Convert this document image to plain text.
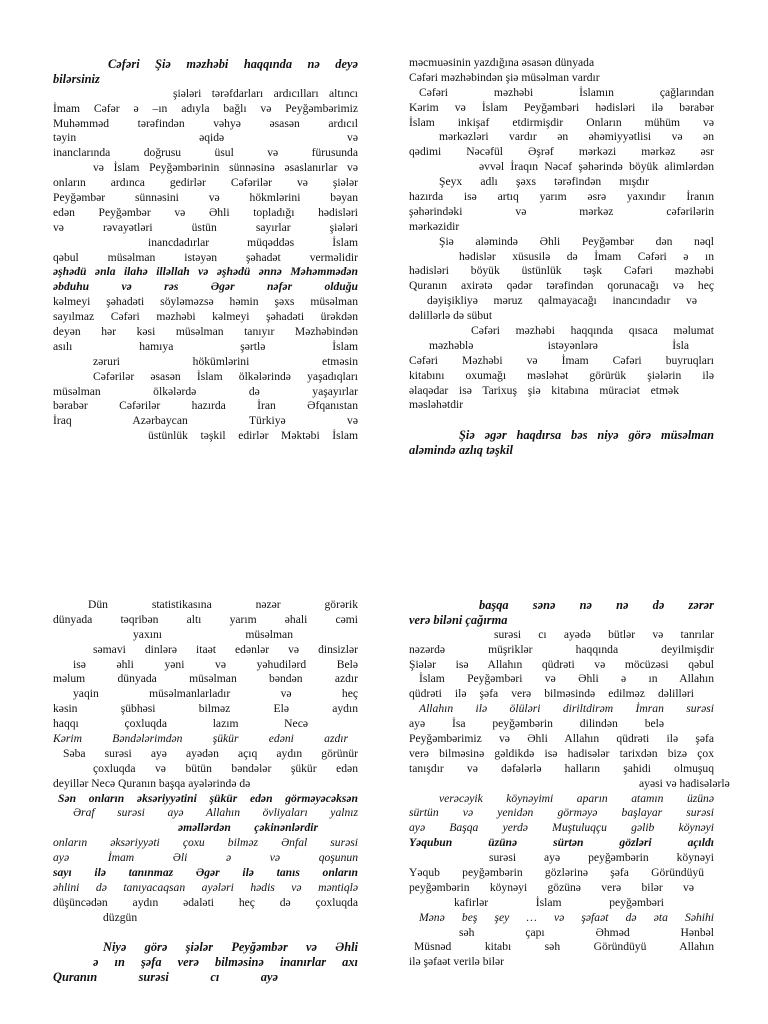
Cəfəri Şiə məzhəbi haqqında nə deyə
bilərsiniz
şiələri tərəfdarları ardıcılları altıncı
İmam Cəfər ə –ın adıyla bağlı və Peyğəmbərimiz
Muhəmməd tərəfindən vəhyə əsasən ardıcıl
təyin əqidə və
inanclarında doğrusu üsul və fürusunda
və İslam Peyğəmbərinin sünnəsinə əsaslanırlar və
onların ardınca gedirlər Cəfərilər və şiələr
Peyğəmbər sünnəsini və hökmlərini bəyan
edən Peyğəmbər və Əhli topladığı hədisləri
və rəvayətləri üstün sayırlar şiələri
inancdadırlar müqəddəs İslam
qəbul müsəlman istəyən şəhadət verməlidir
əşhədü ənla ilahə illəllah və əşhədü ənnə Məhəmmədən
əbduhu və rəs Əgər nəfər olduğu
kəlmeyi şəhadəti söyləməzsə həmin şəxs müsəlman
sayılmaz Cəfəri məzhəbi kəlmeyi şəhadəti ürəkdən
deyən hər kəsi müsəlman tanıyır Məzhəbindən
asılı hamıya şərtlə İslam
zəruri hökümlərini etməsin
Cəfərilər əsasən İslam ölkələrində yaşadıqları
müsəlman ölkələrdə də yaşayırlar
bərabər Cəfərilər hazırda İran Əfqanıstan
İraq Azərbaycan Türkiyə və
üstünlük təşkil edirlər Məktəbi İslam
məcmuəsinin yazdığına əsasən dünyada
Cəfəri məzhəbindən şiə müsəlman vardır
Cəfəri məzhəbi İslamın çağlarından
Kərim və İslam Peyğəmbəri hədisləri ilə bərabər
İslam inkişaf etdirmişdir Onların mühüm və
mərkəzləri vardır ən əhəmiyyətlisi və ən
qədimi Nəcəfül Əşrəf mərkəzi mərkəz əsr
əvvəl İraqın Nəcəf şəhərində böyük alimlərdən
Şeyx adlı şəxs tərəfindən mışdır
hazırda isə artıq yarım əsrə yaxındır İranın
şəhərindəki və mərkəz cəfərilərin
mərkəzidir
Şiə aləmində Əhli Peyğəmbər dən nəql
hədislər xüsusilə də İmam Cəfəri ə ın
hədisləri böyük üstünlük təşk Cəfəri məzhəbi
Quranın axirətə qədər tərəfindən qorunacağı və heç
dəyişikliyə məruz qalmayacağı inancındadır və
dəlillərlə də sübut
Cəfəri məzhəbi haqqında qısaca məlumat
məzhəblə istəyənlərə İsla
Cəfəri Məzhəbi və İmam Cəfəri buyruqları
kitabını oxumağı məsləhət görürük şiələrin ilə
əlaqədar isə Tarixuş şiə kitabına müraciət etmək
məsləhətdir
Şiə əgər haqdırsa bəs niyə görə müsəlman
aləmində azlıq təşkil
Dün statistikasına nəzər görərik
dünyada təqribən altı yarım əhali cəmi
yaxını müsəlman
səmavi dinlərə itaət edənlər və dinsizlər
isə əhli yəni və yəhudilərd Belə
məlum dünyada müsəlman bəndən azdır
yaqin müsəlmanlarladır və heç
kəsin şübhəsi bilməz Elə aydın
haqqı çoxluqda lazım Necə
Kərim Bəndələrimdən şükür edəni azdır
Səba surəsi ayə ayədən açıq aydın görünür
çoxluqda və bütün bəndələr şükür edən
deyillər Necə Quranın başqa ayələrində də
Sən onların əksəriyyətini şükür edən görməyəcəksən
Əraf surəsi ayə Allahın övliyaları yalnız
əməllərdən çəkinənlərdir
onların əksəriyyəti çoxu bilməz Ənfal surəsi
ayə İmam Əli ə və qoşunun
sayı ilə tanınmaz Əgər ilə tanıs onların
əhlini də tanıyacaqsan ayələri hədis və məntiqlə
düşüncədən aydın ədaləti heç də çoxluqda
düzgün
Niyə görə şiələr Peyğəmbər və Əhli
ə ın şəfa verə bilməsinə inanırlar axı
Quranın surəsi cı ayə
başqa sənə nə nə də zərər
verə biləni çağırma
surəsi cı ayədə bütlər və tanrılar
nəzərdə müşriklər haqqında deyilmişdir
Şiələr isə Allahın qüdrəti və möcüzəsi qəbul
İslam Peyğəmbəri və Əhli ə ın Allahın
qüdrəti ilə şəfa verə bilməsində edilməz dəlilləri
Allahın ilə ölüləri diriltdirəm İmran surəsi
ayə İsa peyğəmbərin dilindən belə
Peyğəmbərimiz və Əhli Allahın qüdrəti ilə şəfa
verə bilməsinə gəldikdə isə hadisələr tarixdən bizə çox
tanışdır və dəfələrlə halların şahidi olmuşuq
ayəsi və hadisələrlə
verəcəyik köynəyimi aparın atamın üzünə
sürtün və yenidən görməyə başlayar surəsi
ayə Başqa yerdə Muştuluqçu gəlib köynəyi
Yəqubun üzünə sürtən gözləri açıldı
surəsi ayə peyğəmbərin köynəyi
Yəqub peyğəmbərin gözlərinə şəfa Göründüyü
peyğəmbərin köynəyi gözünə verə bilər və
kafirlər İslam peyğəmbəri
Mənə beş şey … və şəfaət də əta Səhihi
səh çapı Əhməd Hənbəl
Müsnəd kitabı səh Göründüyü Allahın
ilə şəfaət verilə bilər
